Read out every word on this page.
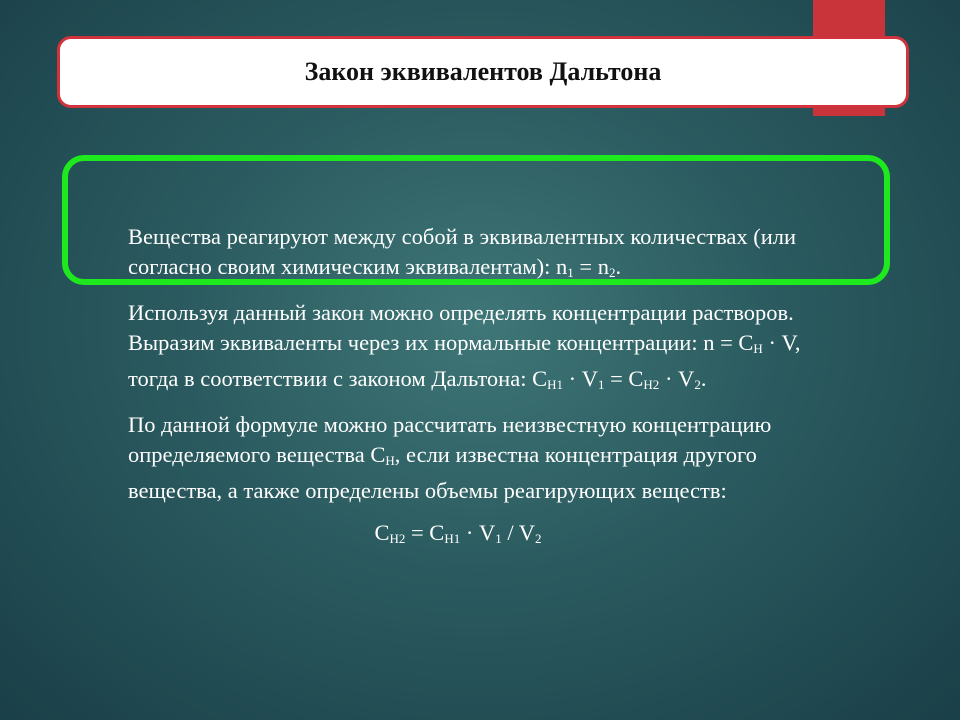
Закон эквивалентов Дальтона

Вещества реагируют между собой в эквивалентных количествах (или согласно своим химическим эквивалентам): $n_1 = n_2$.

Используя данный закон можно определять концентрации растворов. Выразим эквиваленты через их нормальные концентрации: $n = C_Н \cdot V$, тогда в соответствии с законом Дальтона: $C_{Н1} \cdot V_1 = C_{Н2} \cdot V_2$.

По данной формуле можно рассчитать неизвестную концентрацию определяемого вещества $C_Н$, если известна концентрация другого вещества, а также определены объемы реагирующих веществ:

$C_{Н2} = C_{Н1} \cdot V_1 / V_2$
